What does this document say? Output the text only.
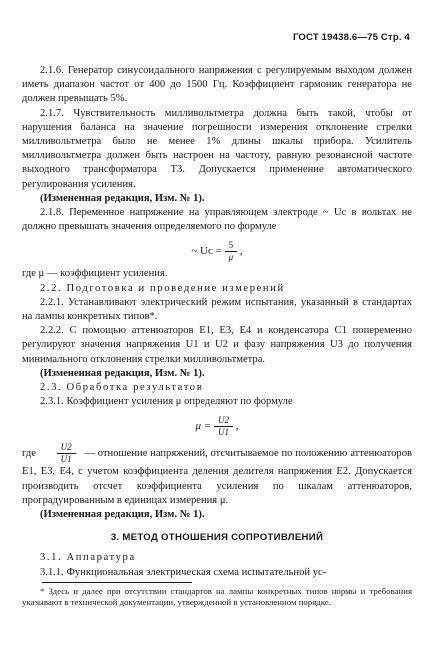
ГОСТ 19438.6—75 Стр. 4

2.1.6. Генератор синусоидального напряжения с регулируемым выходом должен иметь диапазон частот от 400 до 1500 Гц. Коэффициент гармоник генератора не должен превышать 5%.

2.1.7. Чувствительность милливольтметра должна быть такой, чтобы от нарушения баланса на значение погрешности измерения отклонение стрелки милливольтметра было не менее 1% длины шкалы прибора. Усилитель милливольтметра должен быть настроен на частоту, равную резонансной частоте выходного трансформатора Т3. Допускается применение автоматического регулирования усиления.

(Измененная редакция, Изм. № 1).

2.1.8. Переменное напряжение на управляющем электроде ~ Uc в вольтах не должно превышать значения определяемого по формуле

~ $Uc = \frac{5}{\mu}$ ,

где μ — коэффициент усиления.

2.2. Подготовка и проведение измерений

2.2.1. Устанавливают электрический режим испытания, указанный в стандартах на лампы конкретных типов*.

2.2.2. С помощью аттенюаторов Е1, Е3, Е4 и конденсатора С1 попеременно регулируют значения напряжения U1 и U2 и фазу напряжения U3 до получения минимального отклонения стрелки милливольтметра.

(Измененная редакция, Изм. № 1).

2.3. Обработка результатов

2.3.1. Коэффициент усиления μ определяют по формуле

$\mu = \frac{U2}{U1}$ ,

где $\frac{U2}{U1}$ — отношение напряжений, отсчитываемое по положению аттенюаторов Е1, Е3, Е4, с учетом коэффициента деления делителя напряжения Е2. Допускается производить отсчет коэффициента усиления по шкалам аттенюаторов, проградуированным в единицах измерения μ.

(Измененная редакция, Изм. № 1).

3. МЕТОД ОТНОШЕНИЯ СОПРОТИВЛЕНИЙ

3.1. Аппаратура

3.1.1. Функциональная электрическая схема испытательной ус-

* Здесь и далее при отсутствии стандартов на лампы конкретных типов нормы и требования указывают в технической документации, утвержденной в установленном порядке.
